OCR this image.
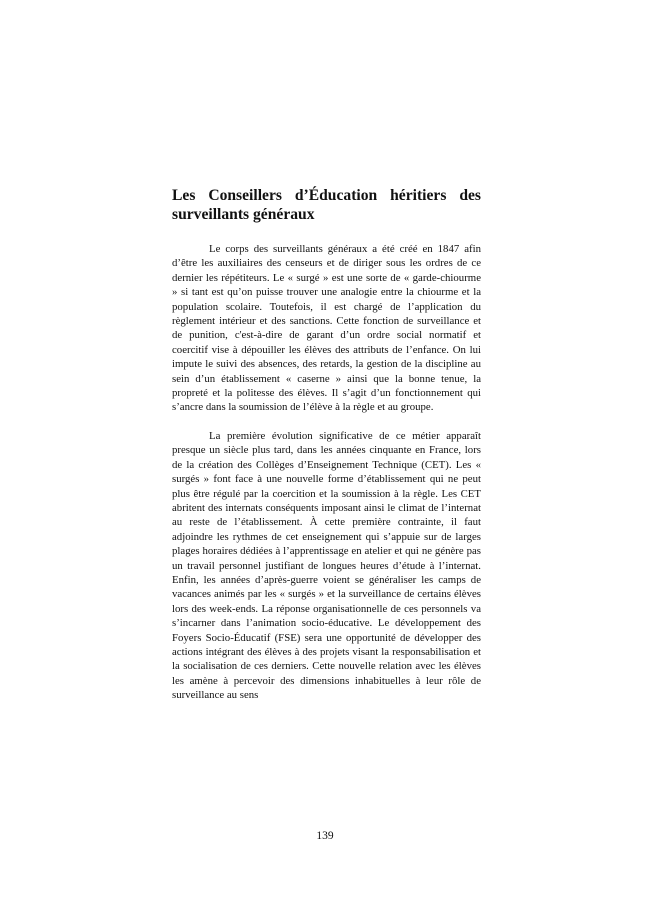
Les Conseillers d’Éducation héritiers des surveillants généraux

Le corps des surveillants généraux a été créé en 1847 afin d’être les auxiliaires des censeurs et de diriger sous les ordres de ce dernier les répétiteurs. Le « surgé » est une sorte de « garde-chiourme » si tant est qu’on puisse trouver une analogie entre la chiourme et la population scolaire. Toutefois, il est chargé de l’application du règlement intérieur et des sanctions. Cette fonction de surveillance et de punition, c'est-à-dire de garant d’un ordre social normatif et coercitif vise à dépouiller les élèves des attributs de l’enfance. On lui impute le suivi des absences, des retards, la gestion de la discipline au sein d’un établissement « caserne » ainsi que la bonne tenue, la propreté et la politesse des élèves. Il s’agit d’un fonctionnement qui s’ancre dans la soumission de l’élève à la règle et au groupe.

La première évolution significative de ce métier apparaît presque un siècle plus tard, dans les années cinquante en France, lors de la création des Collèges d’Enseignement Technique (CET). Les « surgés » font face à une nouvelle forme d’établissement qui ne peut plus être régulé par la coercition et la soumission à la règle. Les CET abritent des internats conséquents imposant ainsi le climat de l’internat au reste de l’établissement. À cette première contrainte, il faut adjoindre les rythmes de cet enseignement qui s’appuie sur de larges plages horaires dédiées à l’apprentissage en atelier et qui ne génère pas un travail personnel justifiant de longues heures d’étude à l’internat. Enfin, les années d’après-guerre voient se généraliser les camps de vacances animés par les « surgés » et la surveillance de certains élèves lors des week-ends. La réponse organisationnelle de ces personnels va s’incarner dans l’animation socio-éducative. Le développement des Foyers Socio-Éducatif (FSE) sera une opportunité de développer des actions intégrant des élèves à des projets visant la responsabilisation et la socialisation de ces derniers. Cette nouvelle relation avec les élèves les amène à percevoir des dimensions inhabituelles à leur rôle de surveillance au sens

139
